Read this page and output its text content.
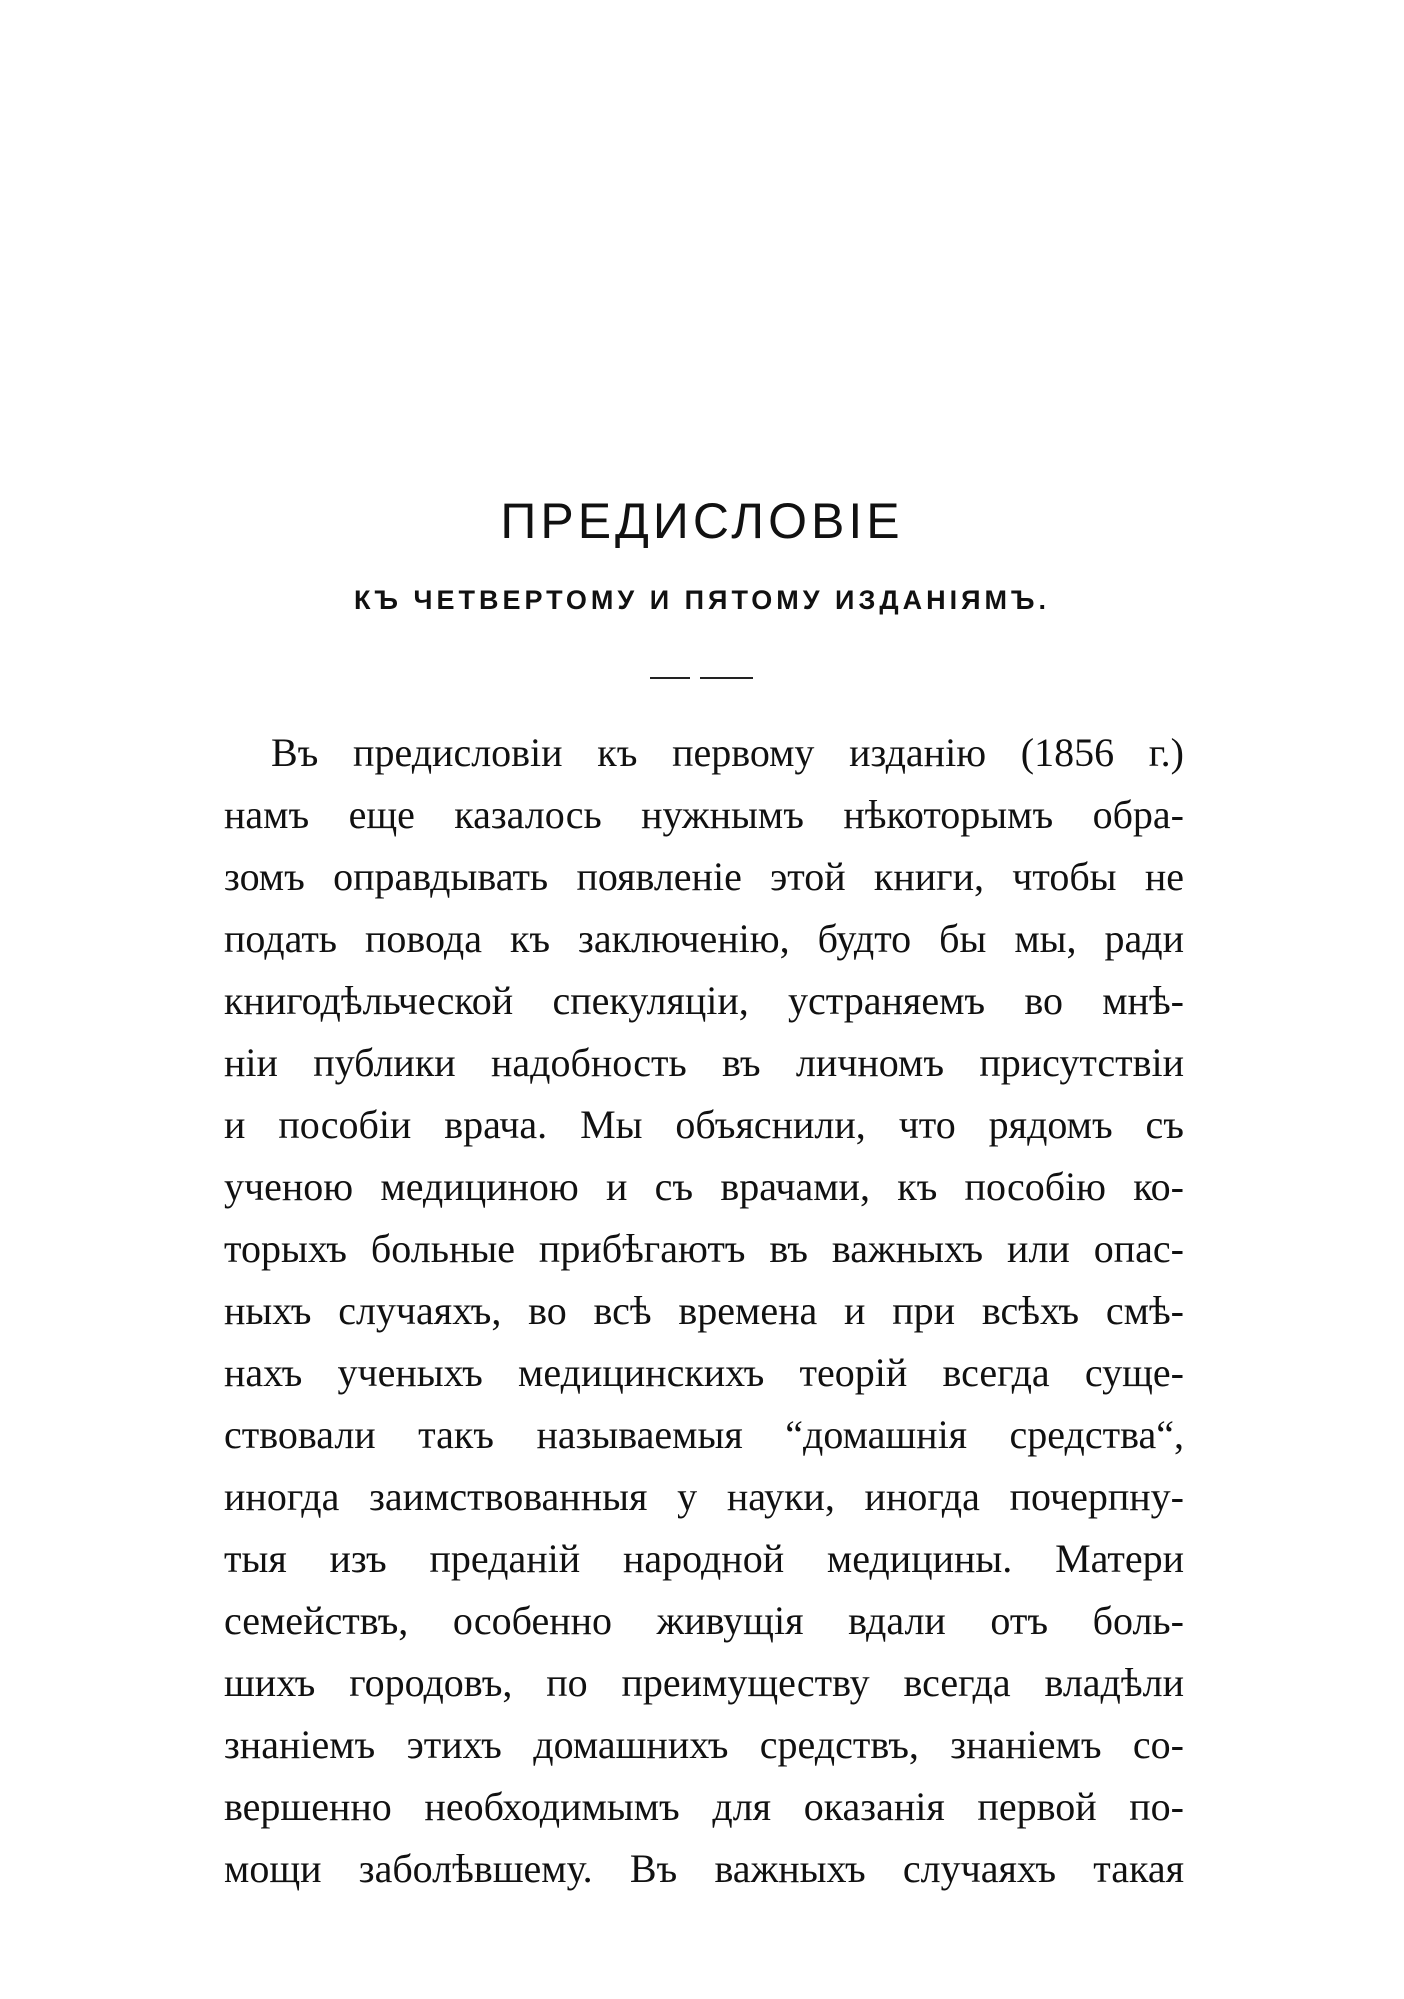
ПРЕДИСЛОВІЕ
КЪ ЧЕТВЕРТОМУ И ПЯТОМУ ИЗДАНІЯМЪ.
Въ предисловіи къ первому изданію (1856 г.)
намъ еще казалось нужнымъ нѣкоторымъ обра-
зомъ оправдывать появленіе этой книги, чтобы не
подать повода къ заключенію, будто бы мы, ради
книгодѣльческой спекуляціи, устраняемъ во мнѣ-
ніи публики надобность въ личномъ присутствіи
и пособіи врача. Мы объяснили, что рядомъ съ
ученою медициною и съ врачами, къ пособію ко-
торыхъ больные прибѣгаютъ въ важныхъ или опас-
ныхъ случаяхъ, во всѣ времена и при всѣхъ смѣ-
нахъ ученыхъ медицинскихъ теорій всегда суще-
ствовали такъ называемыя “домашнія средства“,
иногда заимствованныя у науки, иногда почерпну-
тыя изъ преданій народной медицины. Матери
семействъ, особенно живущія вдали отъ боль-
шихъ городовъ, по преимуществу всегда владѣли
знаніемъ этихъ домашнихъ средствъ, знаніемъ со-
вершенно необходимымъ для оказанія первой по-
мощи заболѣвшему. Въ важныхъ случаяхъ такая
